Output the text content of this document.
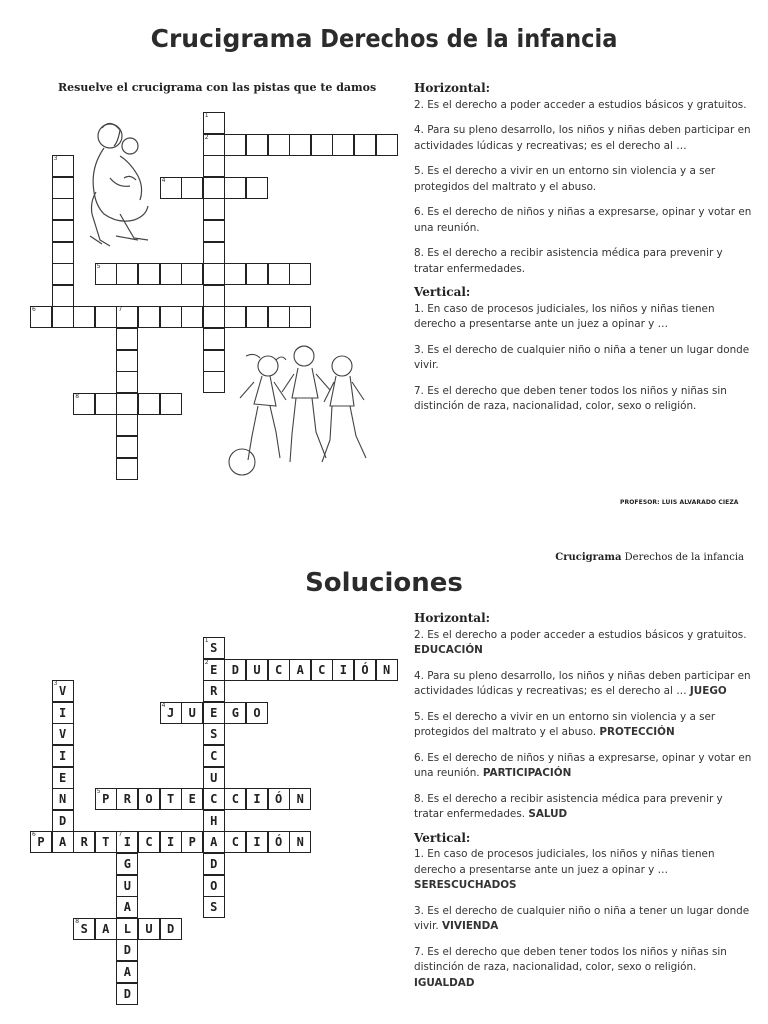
Crucigrama Derechos de la infancia
Resuelve el crucigrama con las pistas que te damos
1
2
3
4
5
6	7
8
Horizontal:
2. Es el derecho a poder acceder a estudios básicos y gratuitos.
4. Para su pleno desarrollo, los niños y niñas deben participar en actividades lúdicas y recreativas; es el derecho al …
5. Es el derecho a vivir en un entorno sin violencia y a ser protegidos del maltrato y el abuso.
6. Es el derecho de niños y niñas a expresarse, opinar y votar en una reunión.
8. Es el derecho a recibir asistencia médica para prevenir y tratar enfermedades.
Vertical:
1. En caso de procesos judiciales, los niños y niñas tienen derecho a presentarse ante un juez a opinar y …
3. Es el derecho de cualquier niño o niña a tener un lugar donde vivir.
7. Es el derecho que deben tener todos los niños y niñas sin distinción de raza, nacionalidad, color, sexo o religión.
PROFESOR: LUIS ALVARADO CIEZA
Crucigrama Derechos de la infancia
Soluciones
1
S
2
E
R
E
S
C
U
C
H
A
D
O
S
D	U	C	A	C	I	Ó	N
3
V
I
V
I
E
N
D
A
4
J	U	G	O
5
P	R	O	T	E	C	I	Ó	N
6
P	R	T
7
I	C	I	P	C	I	Ó	N
G
U
A
L
D
A
D
8
S	A	U	D
Horizontal:
2. Es el derecho a poder acceder a estudios básicos y gratuitos. EDUCACIÓN
4. Para su pleno desarrollo, los niños y niñas deben participar en actividades lúdicas y recreativas; es el derecho al … JUEGO
5. Es el derecho a vivir en un entorno sin violencia y a ser protegidos del maltrato y el abuso. PROTECCIÓN
6. Es el derecho de niños y niñas a expresarse, opinar y votar en una reunión. PARTICIPACIÓN
8. Es el derecho a recibir asistencia médica para prevenir y tratar enfermedades. SALUD
Vertical:
1. En caso de procesos judiciales, los niños y niñas tienen derecho a presentarse ante un juez a opinar y … SERESCUCHADOS
3. Es el derecho de cualquier niño o niña a tener un lugar donde vivir. VIVIENDA
7. Es el derecho que deben tener todos los niños y niñas sin distinción de raza, nacionalidad, color, sexo o religión. IGUALDAD
